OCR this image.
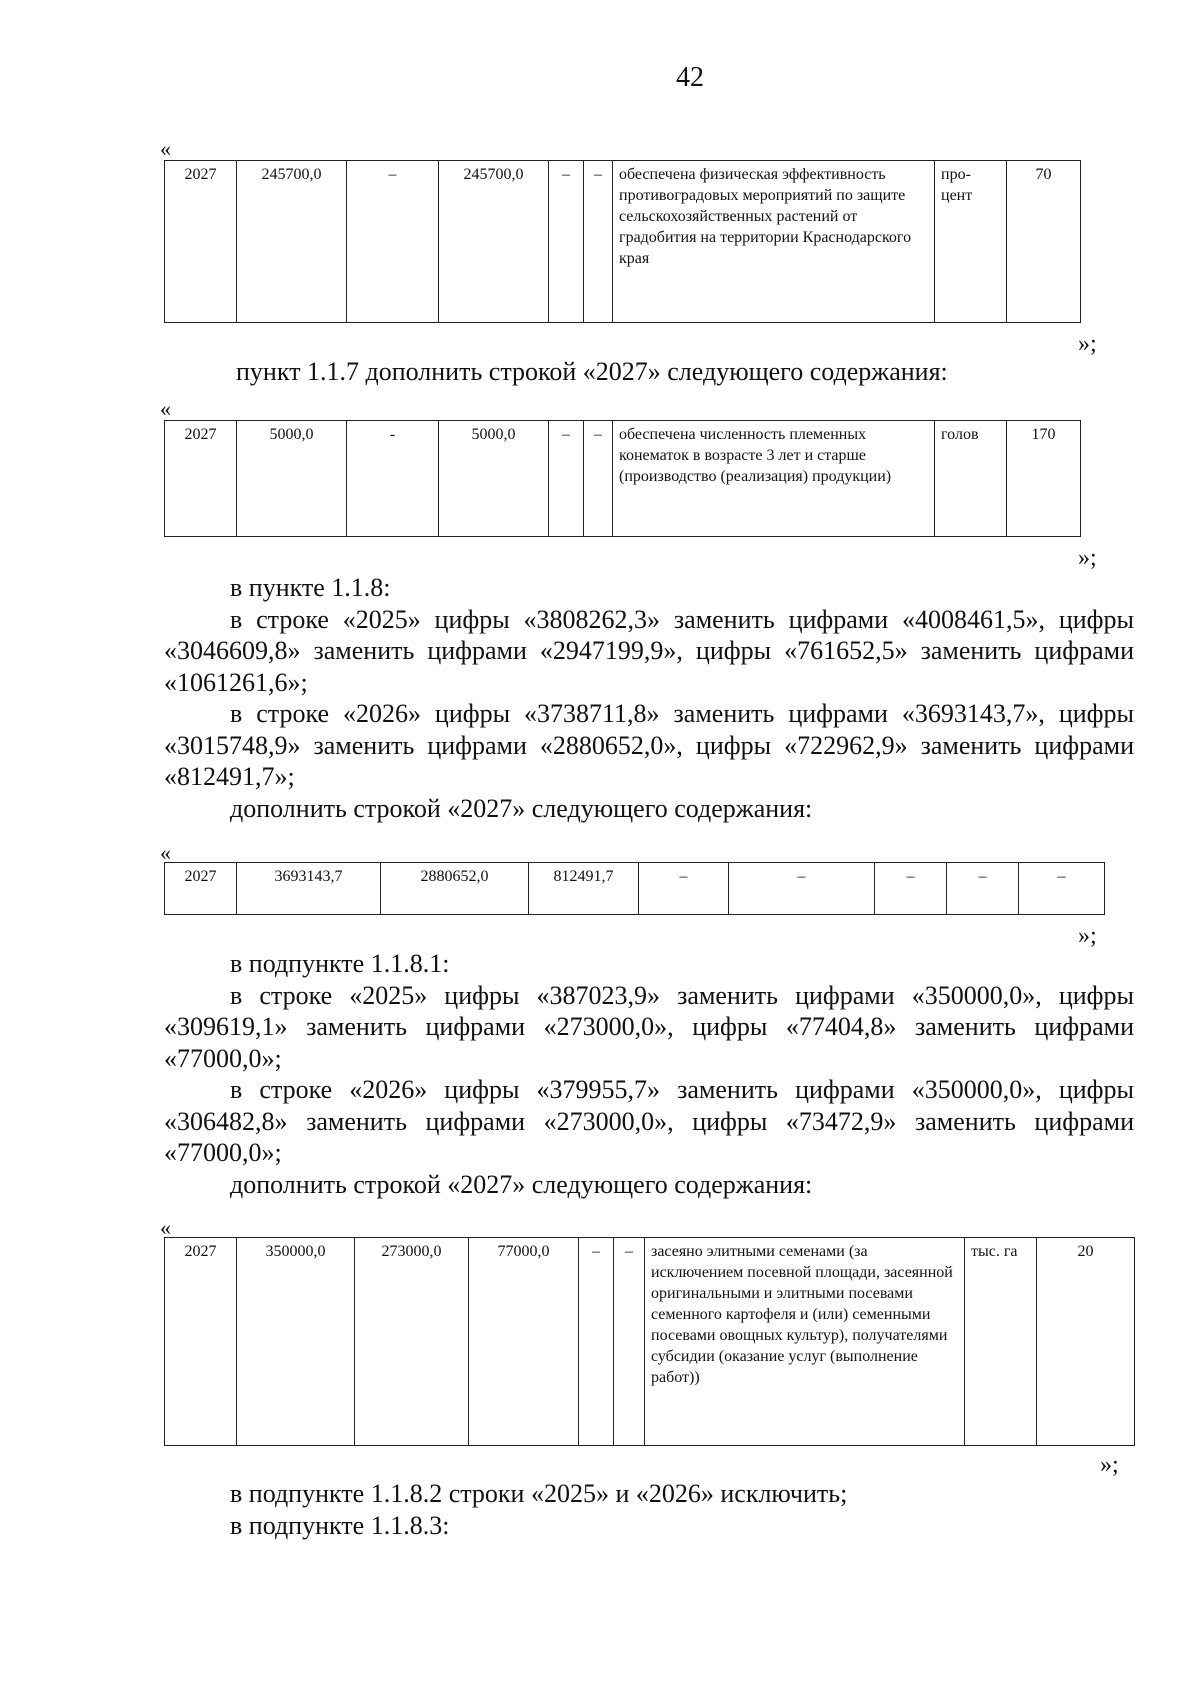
42
«
2027	245700,0	–	245700,0	–	–	обеспечена физическая эффективность противоградовых мероприятий по защите сельскохозяйственных растений от градобития на территории Краснодарского края	про-цент	70
»;

пункт 1.1.7 дополнить строкой «2027» следующего содержания:

«
2027	5000,0	-	5000,0	–	–	обеспечена численность племенных конематок в возрасте 3 лет и старше (производство (реализация) продукции)	голов	170
»;

в пункте 1.1.8:

в строке «2025» цифры «3808262,3» заменить цифрами «4008461,5», цифры «3046609,8» заменить цифрами «2947199,9», цифры «761652,5» заменить цифрами «1061261,6»;

в строке «2026» цифры «3738711,8» заменить цифрами «3693143,7», цифры «3015748,9» заменить цифрами «2880652,0», цифры «722962,9» заменить цифрами «812491,7»;

дополнить строкой «2027» следующего содержания:

«
2027	3693143,7	2880652,0	812491,7	–	–	–	–	–
»;

в подпункте 1.1.8.1:

в строке «2025» цифры «387023,9» заменить цифрами «350000,0», цифры «309619,1» заменить цифрами «273000,0», цифры «77404,8» заменить цифрами «77000,0»;

в строке «2026» цифры «379955,7» заменить цифрами «350000,0», цифры «306482,8» заменить цифрами «273000,0», цифры «73472,9» заменить цифрами «77000,0»;

дополнить строкой «2027» следующего содержания:

«
2027	350000,0	273000,0	77000,0	–	–	засеяно элитными семенами (за исключением посевной площади, засеянной оригинальными и элитными посевами семенного картофеля и (или) семенными посевами овощных культур), получателями субсидии (оказание услуг (выполнение работ))	тыс. га	20
»;

в подпункте 1.1.8.2 строки «2025» и «2026» исключить;

в подпункте 1.1.8.3:
